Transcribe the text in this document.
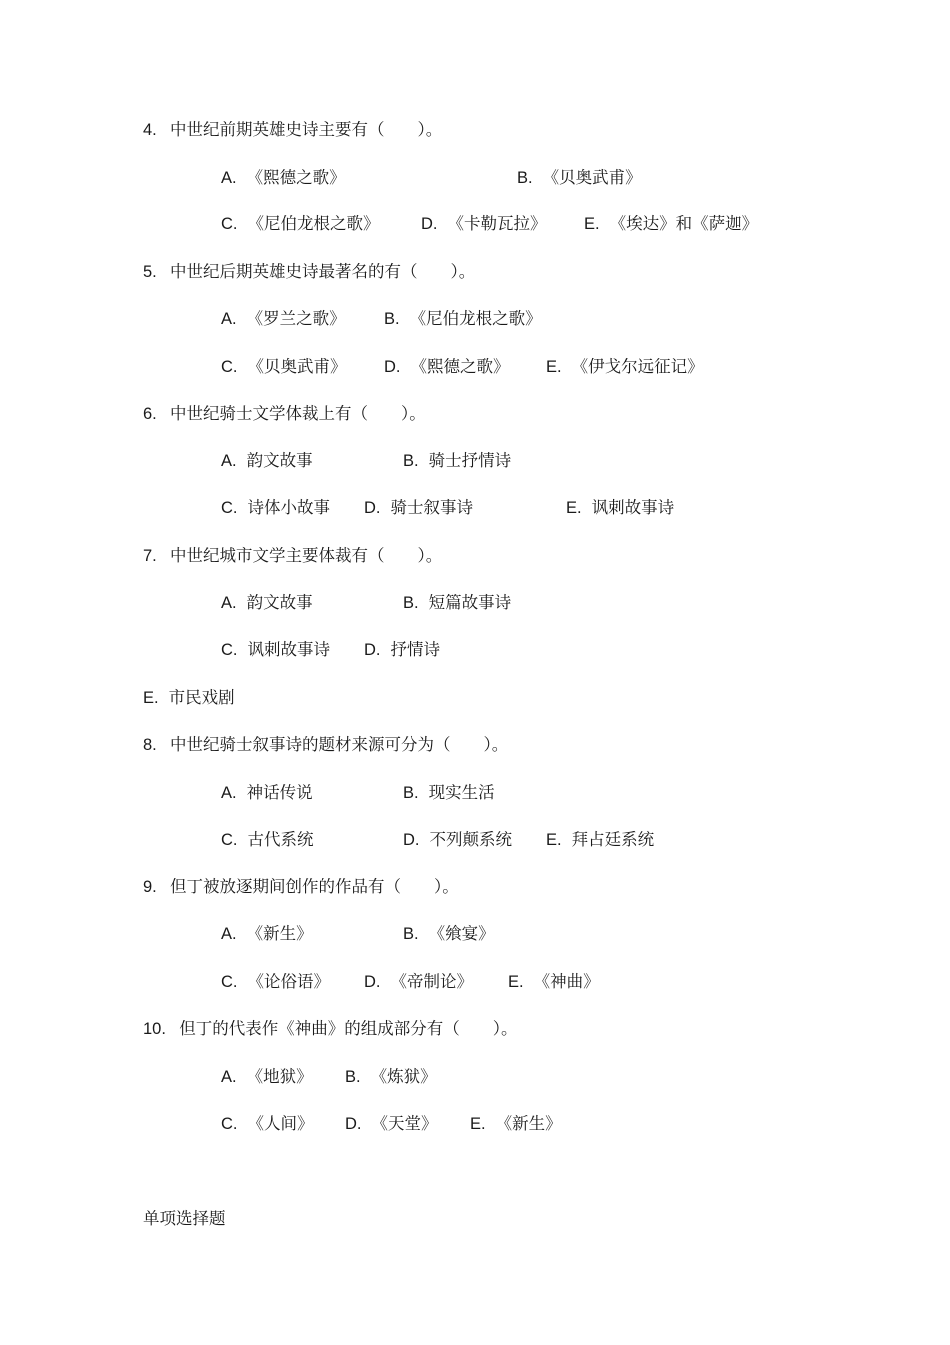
4. 中世纪前期英雄史诗主要有（　　）。
A. 《熙德之歌》	B. 《贝奥武甫》
C. 《尼伯龙根之歌》	D. 《卡勒瓦拉》 E. 《埃达》和《萨迦》
5. 中世纪后期英雄史诗最著名的有（　　）。
A. 《罗兰之歌》 B. 《尼伯龙根之歌》
C. 《贝奥武甫》 D. 《熙德之歌》 E. 《伊戈尔远征记》
6. 中世纪骑士文学体裁上有（　　）。
A. 韵文故事	B. 骑士抒情诗
C. 诗体小故事 D. 骑士叙事诗	E. 讽刺故事诗
7. 中世纪城市文学主要体裁有（　　）。
A. 韵文故事	B. 短篇故事诗
C. 讽刺故事诗 D. 抒情诗
E. 市民戏剧
8. 中世纪骑士叙事诗的题材来源可分为（　　）。
A. 神话传说	B. 现实生活
C. 古代系统	D. 不列颠系统 E. 拜占廷系统
9. 但丁被放逐期间创作的作品有（　　）。
A. 《新生》	B. 《飨宴》
C. 《论俗语》 D. 《帝制论》 E. 《神曲》
10. 但丁的代表作《神曲》的组成部分有（　　）。
A. 《地狱》 B. 《炼狱》
C. 《人间》 D. 《天堂》 E. 《新生》
单项选择题
